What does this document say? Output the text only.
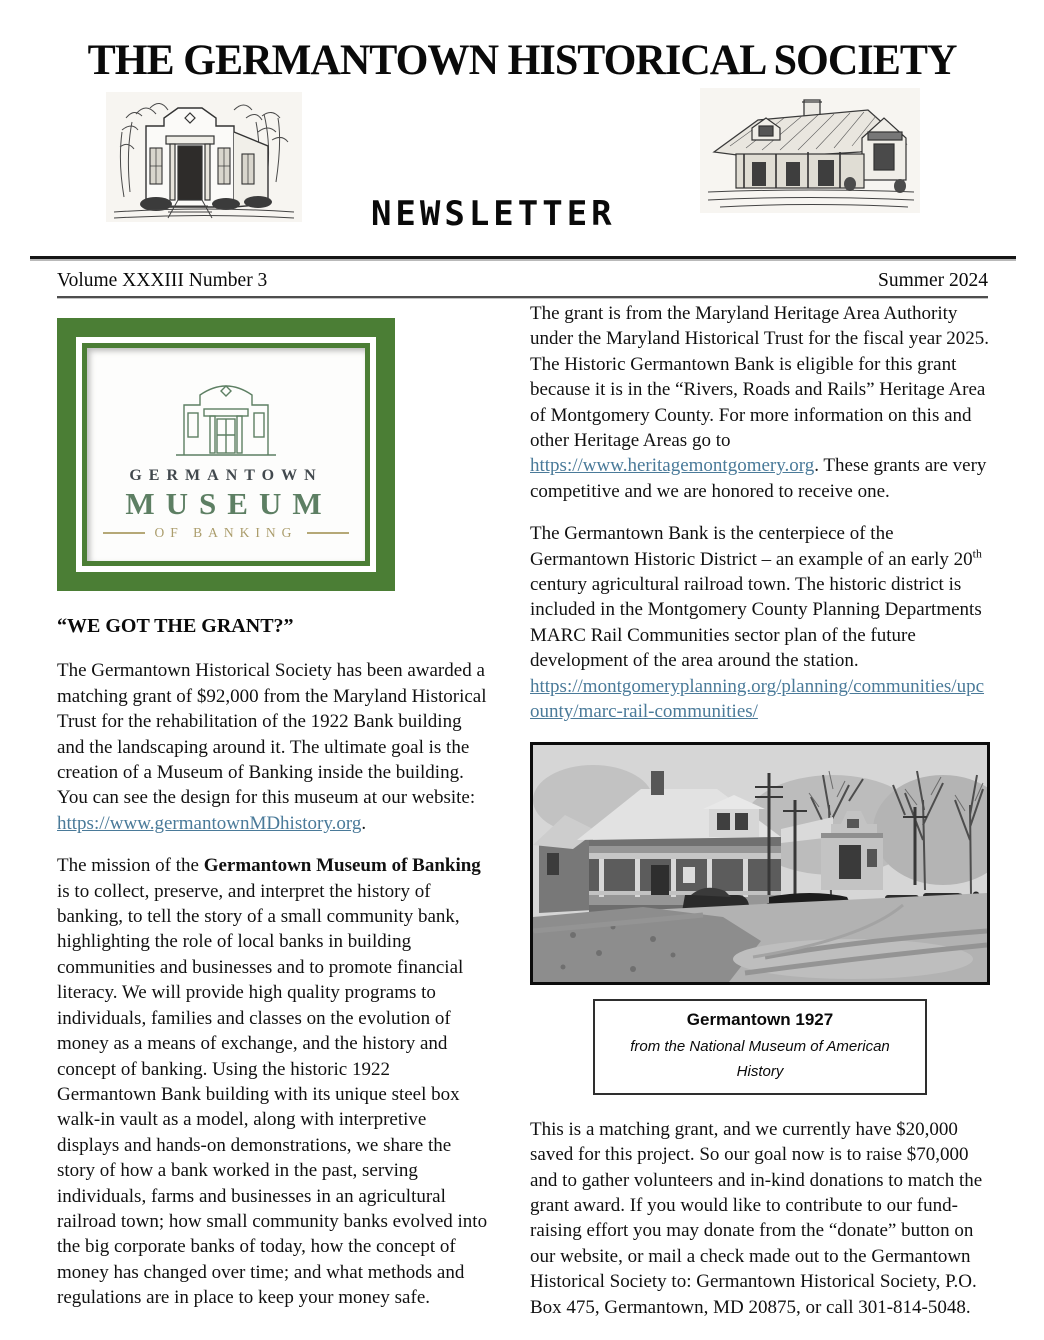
THE GERMANTOWN HISTORICAL SOCIETY
NEWSLETTER
Volume XXXIII Number 3	Summer 2024
GERMANTOWN
MUSEUM
OF BANKING
“WE GOT THE GRANT?”

The Germantown Historical Society has been awarded a matching grant of $92,000 from the Maryland Historical Trust for the rehabilitation of the 1922 Bank building and the landscaping around it. The ultimate goal is the creation of a Museum of Banking inside the building. You can see the design for this museum at our website: https://www.germantownMDhistory.org.

The mission of the Germantown Museum of Banking is to collect, preserve, and interpret the history of banking, to tell the story of a small community bank, highlighting the role of local banks in building communities and businesses and to promote financial literacy. We will provide high quality programs to individuals, families and classes on the evolution of money as a means of exchange, and the history and concept of banking. Using the historic 1922 Germantown Bank building with its unique steel box walk-in vault as a model, along with interpretive displays and hands-on demonstrations, we share the story of how a bank worked in the past, serving individuals, farms and businesses in an agricultural railroad town; how small community banks evolved into the big corporate banks of today, how the concept of money has changed over time; and what methods and regulations are in place to keep your money safe.

The grant is from the Maryland Heritage Area Authority under the Maryland Historical Trust for the fiscal year 2025. The Historic Germantown Bank is eligible for this grant because it is in the “Rivers, Roads and Rails” Heritage Area of Montgomery County. For more information on this and other Heritage Areas go to https://www.heritagemontgomery.org. These grants are very competitive and we are honored to receive one.

The Germantown Bank is the centerpiece of the Germantown Historic District – an example of an early 20th century agricultural railroad town. The historic district is included in the Montgomery County Planning Departments MARC Rail Communities sector plan of the future development of the area around the station. https://montgomeryplanning.org/planning/communities/upcounty/marc-rail-communities/

Germantown 1927
from the National Museum of American History

This is a matching grant, and we currently have $20,000 saved for this project. So our goal now is to raise $70,000 and to gather volunteers and in-kind donations to match the grant award. If you would like to contribute to our fund-raising effort you may donate from the “donate” button on our website, or mail a check made out to the Germantown Historical Society to: Germantown Historical Society, P.O. Box 475, Germantown, MD 20875, or call 301-814-5048.
